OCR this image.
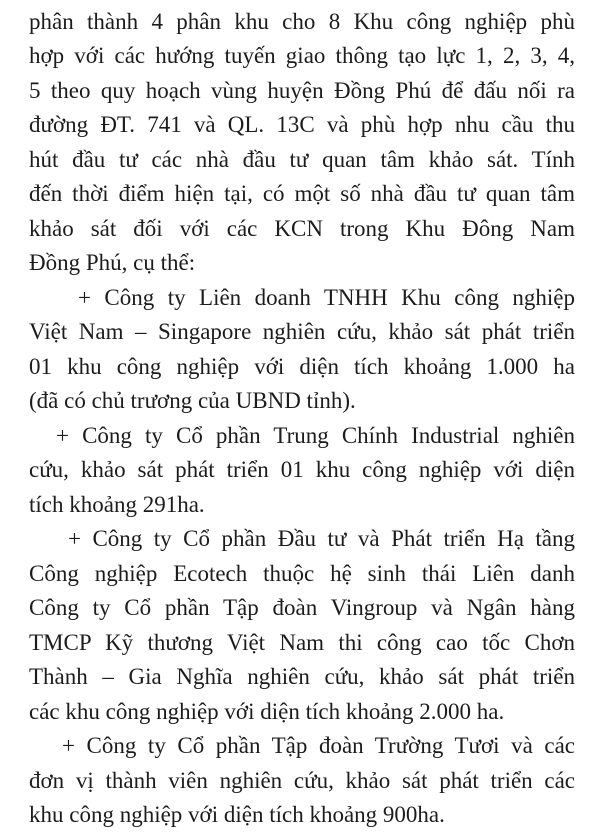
phân thành 4 phân khu cho 8 Khu công nghiệp phù
hợp với các hướng tuyến giao thông tạo lực 1, 2, 3, 4,
5 theo quy hoạch vùng huyện Đồng Phú để đấu nối ra
đường ĐT. 741 và QL. 13C và phù hợp nhu cầu thu
hút đầu tư các nhà đầu tư quan tâm khảo sát. Tính
đến thời điểm hiện tại, có một số nhà đầu tư quan tâm
khảo sát đối với các KCN trong Khu Đông Nam
Đồng Phú, cụ thể:
+ Công ty Liên doanh TNHH Khu công nghiệp
Việt Nam – Singapore nghiên cứu, khảo sát phát triển
01 khu công nghiệp với diện tích khoảng 1.000 ha
(đã có chủ trương của UBND tỉnh).
+ Công ty Cổ phần Trung Chính Industrial nghiên
cứu, khảo sát phát triển 01 khu công nghiệp với diện
tích khoảng 291ha.
+ Công ty Cổ phần Đầu tư và Phát triển Hạ tầng
Công nghiệp Ecotech thuộc hệ sinh thái Liên danh
Công ty Cổ phần Tập đoàn Vingroup và Ngân hàng
TMCP Kỹ thương Việt Nam thi công cao tốc Chơn
Thành – Gia Nghĩa nghiên cứu, khảo sát phát triển
các khu công nghiệp với diện tích khoảng 2.000 ha.
+ Công ty Cổ phần Tập đoàn Trường Tươi và các
đơn vị thành viên nghiên cứu, khảo sát phát triển các
khu công nghiệp với diện tích khoảng 900ha.
